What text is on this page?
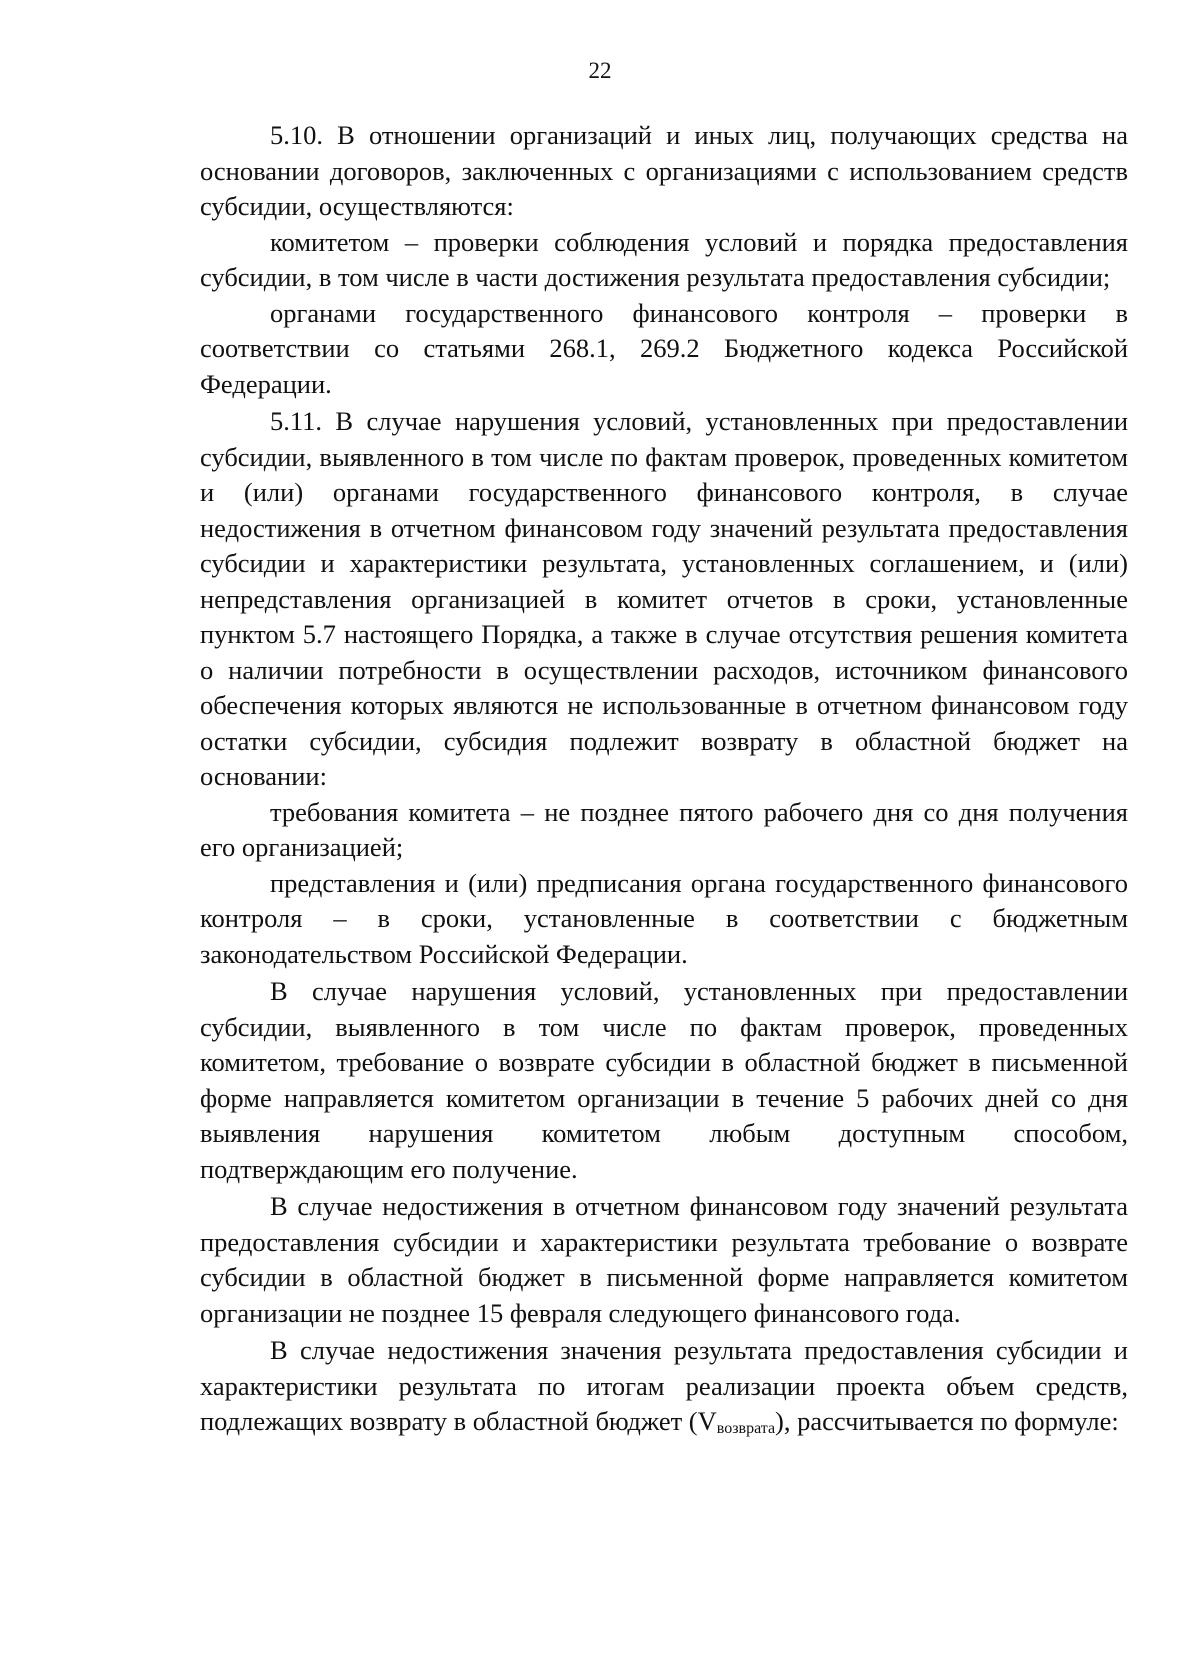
22

5.10. В отношении организаций и иных лиц, получающих средства на основании договоров, заключенных с организациями с использованием средств субсидии, осуществляются:

комитетом – проверки соблюдения условий и порядка предоставления субсидии, в том числе в части достижения результата предоставления субсидии;

органами государственного финансового контроля – проверки в соответствии со статьями 268.1, 269.2 Бюджетного кодекса Российской Федерации.

5.11. В случае нарушения условий, установленных при предоставлении субсидии, выявленного в том числе по фактам проверок, проведенных комитетом и (или) органами государственного финансового контроля, в случае недостижения в отчетном финансовом году значений результата предоставления субсидии и характеристики результата, установленных соглашением, и (или) непредставления организацией в комитет отчетов в сроки, установленные пунктом 5.7 настоящего Порядка, а также в случае отсутствия решения комитета о наличии потребности в осуществлении расходов, источником финансового обеспечения которых являются не использованные в отчетном финансовом году остатки субсидии, субсидия подлежит возврату в областной бюджет на основании:

требования комитета – не позднее пятого рабочего дня со дня получения его организацией;

представления и (или) предписания органа государственного финансового контроля – в сроки, установленные в соответствии с бюджетным законодательством Российской Федерации.

В случае нарушения условий, установленных при предоставлении субсидии, выявленного в том числе по фактам проверок, проведенных комитетом, требование о возврате субсидии в областной бюджет в письменной форме направляется комитетом организации в течение 5 рабочих дней со дня выявления нарушения комитетом любым доступным способом, подтверждающим его получение.

В случае недостижения в отчетном финансовом году значений результата предоставления субсидии и характеристики результата требование о возврате субсидии в областной бюджет в письменной форме направляется комитетом организации не позднее 15 февраля следующего финансового года.

В случае недостижения значения результата предоставления субсидии и характеристики результата по итогам реализации проекта объем средств, подлежащих возврату в областной бюджет (Vвозврата), рассчитывается по формуле:
